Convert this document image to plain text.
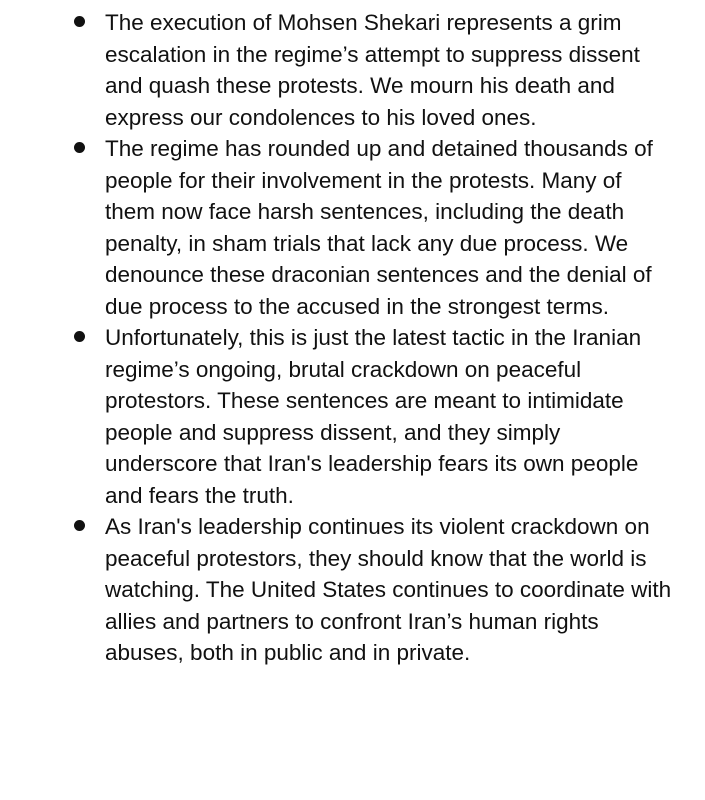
The execution of Mohsen Shekari represents a grim escalation in the regime’s attempt to suppress dissent and quash these protests. We mourn his death and express our condolences to his loved ones.
The regime has rounded up and detained thousands of people for their involvement in the protests. Many of them now face harsh sentences, including the death penalty, in sham trials that lack any due process. We denounce these draconian sentences and the denial of due process to the accused in the strongest terms.
Unfortunately, this is just the latest tactic in the Iranian regime’s ongoing, brutal crackdown on peaceful protestors. These sentences are meant to intimidate people and suppress dissent, and they simply underscore that Iran's leadership fears its own people and fears the truth.
As Iran's leadership continues its violent crackdown on peaceful protestors, they should know that the world is watching. The United States continues to coordinate with allies and partners to confront Iran’s human rights abuses, both in public and in private.
